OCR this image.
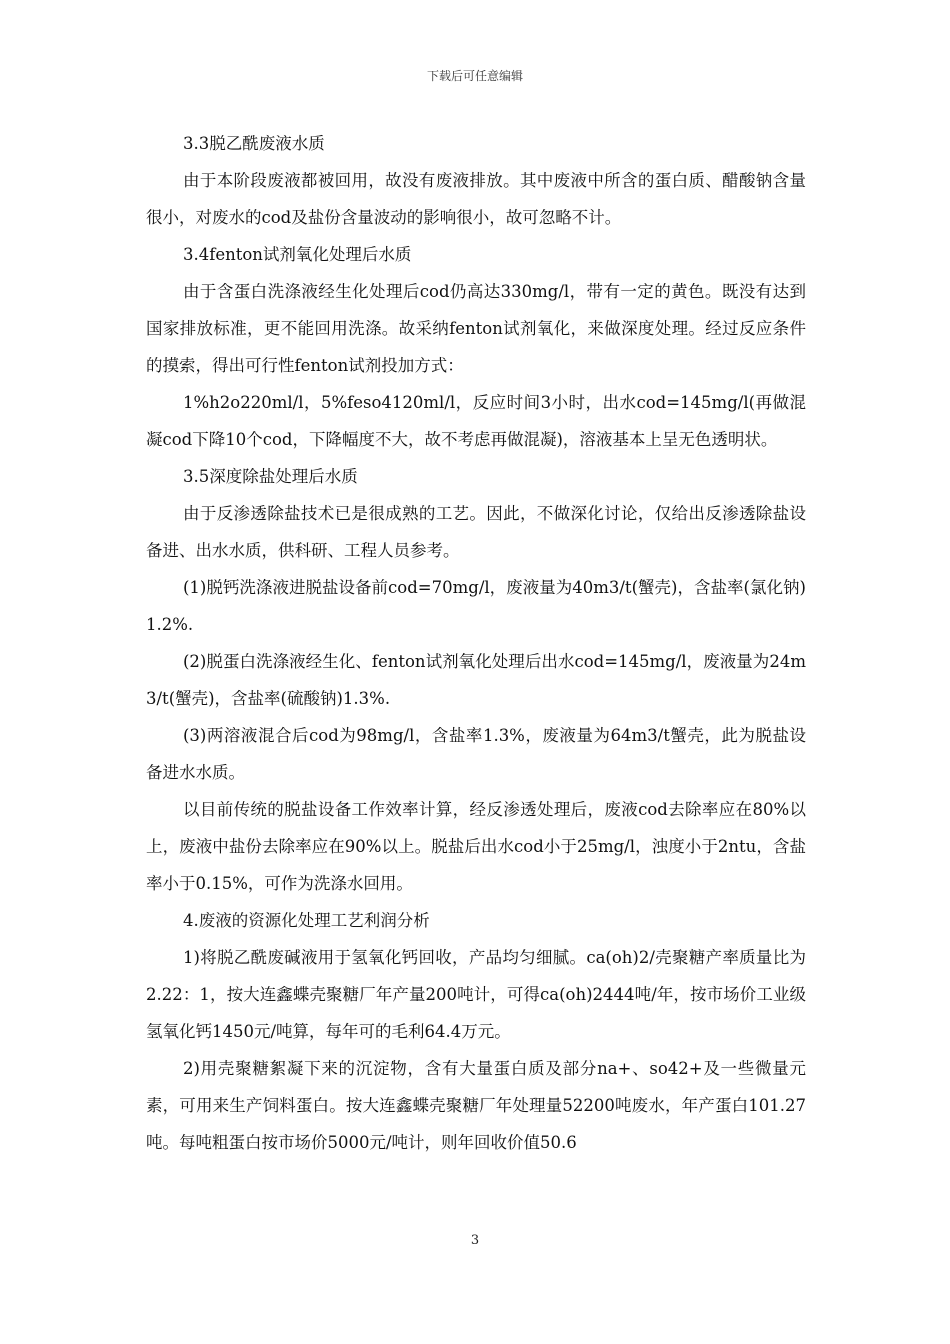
下载后可任意编辑

3.3脱乙酰废液水质

由于本阶段废液都被回用，故没有废液排放。其中废液中所含的蛋白质、醋酸钠含量很小，对废水的cod及盐份含量波动的影响很小，故可忽略不计。

3.4fenton试剂氧化处理后水质

由于含蛋白洗涤液经生化处理后cod仍高达330mg/l，带有一定的黄色。既没有达到国家排放标准，更不能回用洗涤。故采纳fenton试剂氧化，来做深度处理。经过反应条件的摸索，得出可行性fenton试剂投加方式：

1%h2o220ml/l，5%feso4120ml/l，反应时间3小时，出水cod=145mg/l(再做混凝cod下降10个cod，下降幅度不大，故不考虑再做混凝)，溶液基本上呈无色透明状。

3.5深度除盐处理后水质

由于反渗透除盐技术已是很成熟的工艺。因此，不做深化讨论，仅给出反渗透除盐设备进、出水水质，供科研、工程人员参考。

(1)脱钙洗涤液进脱盐设备前cod=70mg/l，废液量为40m3/t(蟹壳)，含盐率(氯化钠)1.2%.

(2)脱蛋白洗涤液经生化、fenton试剂氧化处理后出水cod=145mg/l，废液量为24m3/t(蟹壳)，含盐率(硫酸钠)1.3%.

(3)两溶液混合后cod为98mg/l，含盐率1.3%，废液量为64m3/t蟹壳，此为脱盐设备进水水质。

以目前传统的脱盐设备工作效率计算，经反渗透处理后，废液cod去除率应在80%以上，废液中盐份去除率应在90%以上。脱盐后出水cod小于25mg/l，浊度小于2ntu，含盐率小于0.15%，可作为洗涤水回用。

4.废液的资源化处理工艺利润分析

1)将脱乙酰废碱液用于氢氧化钙回收，产品均匀细腻。ca(oh)2/壳聚糖产率质量比为2.22：1，按大连鑫蝶壳聚糖厂年产量200吨计，可得ca(oh)2444吨/年，按市场价工业级氢氧化钙1450元/吨算，每年可的毛利64.4万元。

2)用壳聚糖絮凝下来的沉淀物，含有大量蛋白质及部分na+、so42+及一些微量元素，可用来生产饲料蛋白。按大连鑫蝶壳聚糖厂年处理量52200吨废水，年产蛋白101.27吨。每吨粗蛋白按市场价5000元/吨计，则年回收价值50.6

3
